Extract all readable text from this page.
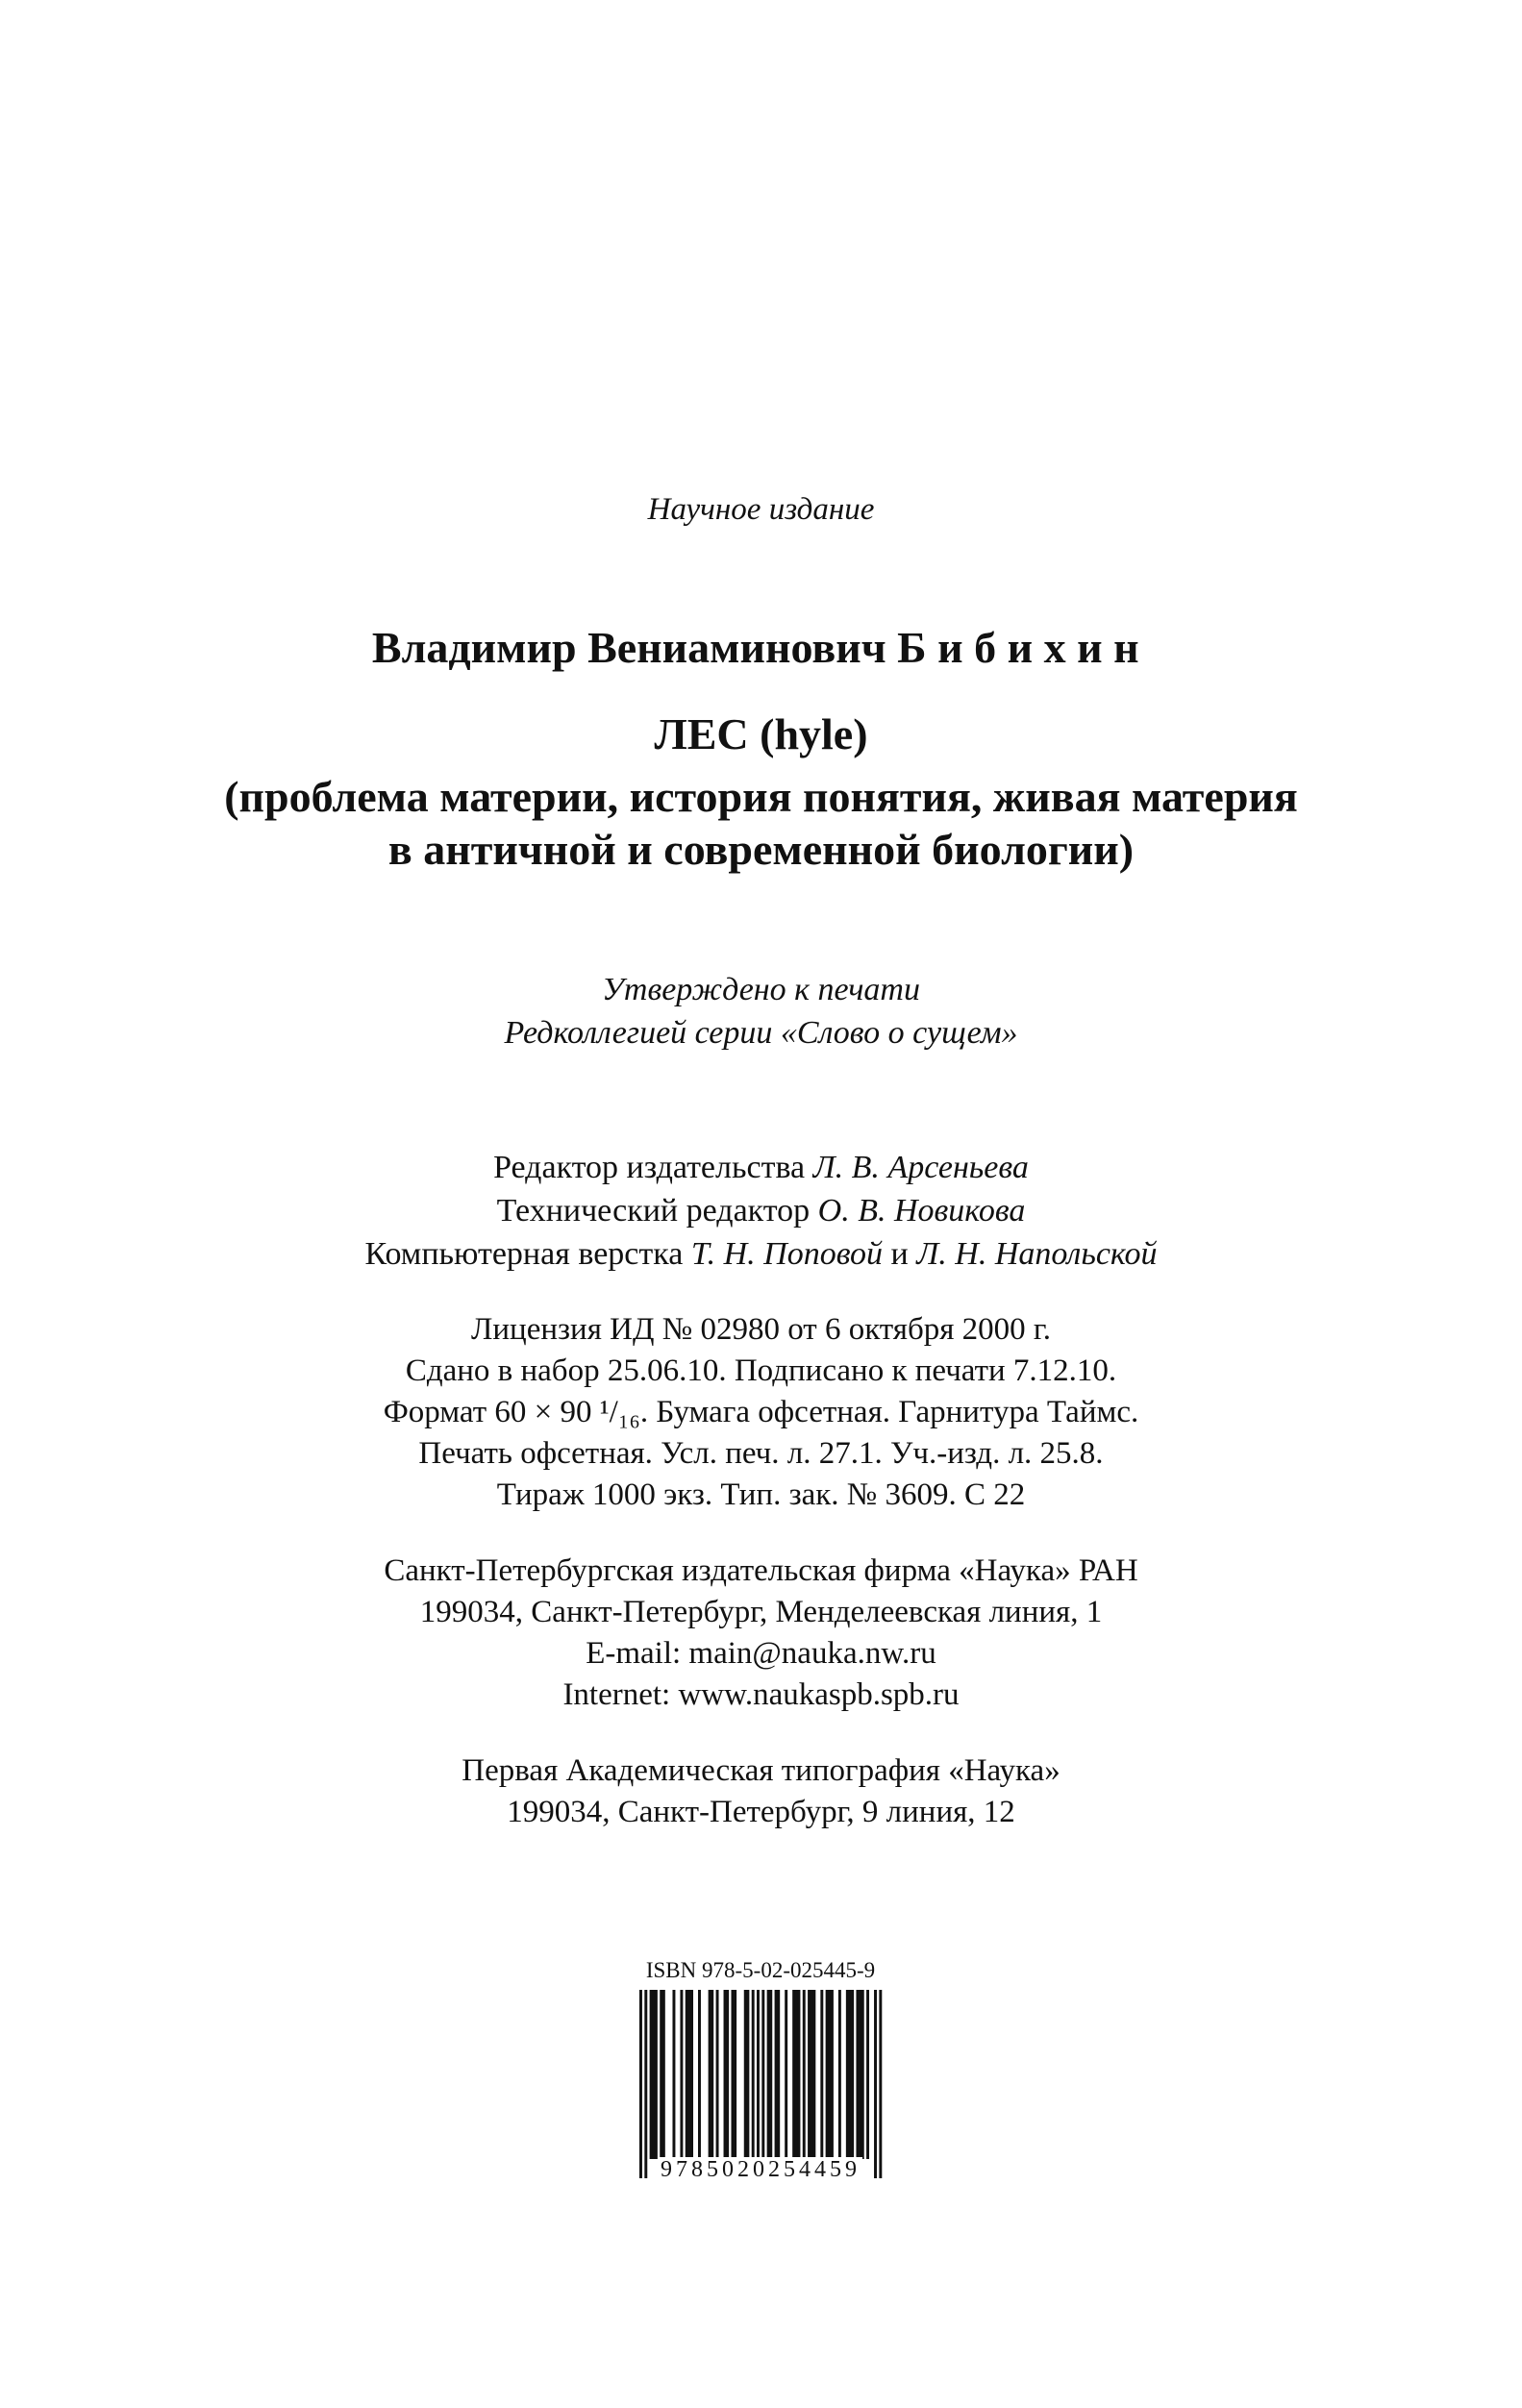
Научное издание
Владимир Вениаминович Бибихин
ЛЕС (hyle)
(проблема материи, история понятия, живая материя
в античной и современной биологии)
Утверждено к печати
Редколлегией серии «Слово о сущем»
Редактор издательства Л. В. Арсеньева
Технический редактор О. В. Новикова
Компьютерная верстка Т. Н. Поповой и Л. Н. Напольской
Лицензия ИД № 02980 от 6 октября 2000 г.
Сдано в набор 25.06.10. Подписано к печати 7.12.10.
Формат 60 × 90 ¹/₁₆. Бумага офсетная. Гарнитура Таймс.
Печать офсетная. Усл. печ. л. 27.1. Уч.-изд. л. 25.8.
Тираж 1000 экз. Тип. зак. № 3609. С 22
Санкт-Петербургская издательская фирма «Наука» РАН
199034, Санкт-Петербург, Менделеевская линия, 1
E-mail: main@nauka.nw.ru
Internet: www.naukaspb.spb.ru
Первая Академическая типография «Наука»
199034, Санкт-Петербург, 9 линия, 12
ISBN 978-5-02-025445-9
9785020254459
